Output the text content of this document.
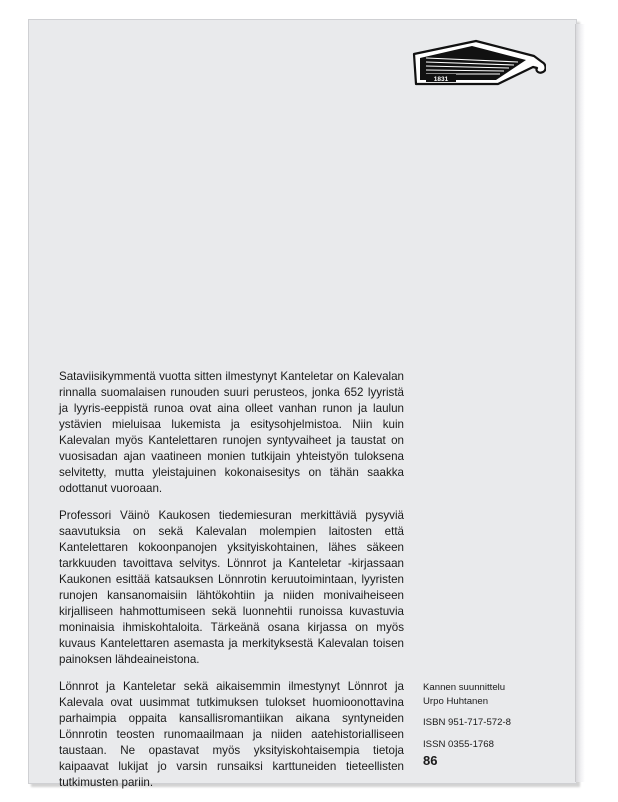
1831

Sataviisikymmentä vuotta sitten ilmestynyt Kanteletar on Kalevalan rinnalla suomalaisen runouden suuri perusteos, jonka 652 lyyristä ja lyyris-eeppistä runoa ovat aina olleet vanhan runon ja laulun ystävien mieluisaa lukemista ja esitysohjelmistoa. Niin kuin Kalevalan myös Kantelettaren runojen syntyvaiheet ja taustat on vuosisadan ajan vaatineen monien tutkijain yhteistyön tuloksena selvitetty, mutta yleistajuinen kokonaisesitys on tähän saakka odottanut vuoroaan.

Professori Väinö Kaukosen tiedemiesuran merkittäviä pysyviä saavutuksia on sekä Kalevalan molempien laitosten että Kantelettaren kokoonpanojen yksityiskohtainen, lähes säkeen tarkkuuden tavoittava selvitys. Lönnrot ja Kanteletar -kirjassaan Kaukonen esittää katsauksen Lönnrotin keruutoimintaan, lyyristen runojen kansanomaisiin lähtökohtiin ja niiden monivaiheiseen kirjalliseen hahmottumiseen sekä luonnehtii runoissa kuvastuvia moninaisia ihmiskohtaloita. Tärkeänä osana kirjassa on myös kuvaus Kantelettaren asemasta ja merkityksestä Kalevalan toisen painoksen lähdeaineistona.

Lönnrot ja Kanteletar sekä aikaisemmin ilmestynyt Lönnrot ja Kalevala ovat uusimmat tutkimuksen tulokset huomioonottavina parhaimpia oppaita kansallisromantiikan aikana syntyneiden Lönnrotin teosten runomaailmaan ja niiden aatehistorialliseen taustaan. Ne opastavat myös yksityiskohtaisempia tietoja kaipaavat lukijat jo varsin runsaiksi karttuneiden tieteellisten tutkimusten pariin.

Kannen suunnittelu
Urpo Huhtanen
ISBN 951-717-572-8
ISSN 0355-1768
86
